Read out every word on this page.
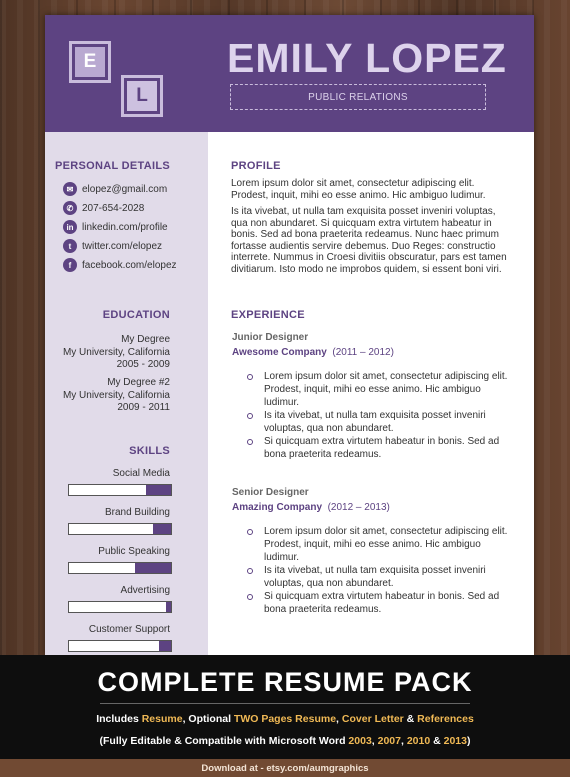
E
L
EMILY LOPEZ
PUBLIC RELATIONS
PERSONAL DETAILS
✉ elopez@gmail.com
✆ 207-654-2028
in linkedin.com/profile
t	twitter.com/elopez
f	facebook.com/elopez
EDUCATION
My Degree
My University, California
2005 - 2009
My Degree #2
My University, California
2009 - 2011
SKILLS
Social Media
Brand Building
Public Speaking
Advertising
Customer Support
PROFILE
Lorem ipsum dolor sit amet, consectetur adipiscing elit. Prodest, inquit, mihi eo esse animo. Hic ambiguo ludimur.
Is ita vivebat, ut nulla tam exquisita posset inveniri voluptas, qua non abundaret. Si quicquam extra virtutem habeatur in bonis. Sed ad bona praeterita redeamus. Nunc haec primum fortasse audientis servire debemus. Duo Reges: constructio interrete. Nummus in Croesi divitiis obscuratur, pars est tamen divitiarum. Isto modo ne improbos quidem, si essent boni viri.
EXPERIENCE
Junior Designer
Awesome Company (2011 – 2012)
Lorem ipsum dolor sit amet, consectetur adipiscing elit. Prodest, inquit, mihi eo esse animo. Hic ambiguo ludimur.
Is ita vivebat, ut nulla tam exquisita posset inveniri voluptas, qua non abundaret.
Si quicquam extra virtutem habeatur in bonis. Sed ad bona praeterita redeamus.
Senior Designer
Amazing Company (2012 – 2013)
Lorem ipsum dolor sit amet, consectetur adipiscing elit. Prodest, inquit, mihi eo esse animo. Hic ambiguo ludimur.
Is ita vivebat, ut nulla tam exquisita posset inveniri voluptas, qua non abundaret.
Si quicquam extra virtutem habeatur in bonis. Sed ad bona praeterita redeamus.
COMPLETE RESUME PACK
Includes Resume, Optional TWO Pages Resume, Cover Letter & References
(Fully Editable & Compatible with Microsoft Word 2003, 2007, 2010 & 2013)
Download at - etsy.com/aumgraphics
